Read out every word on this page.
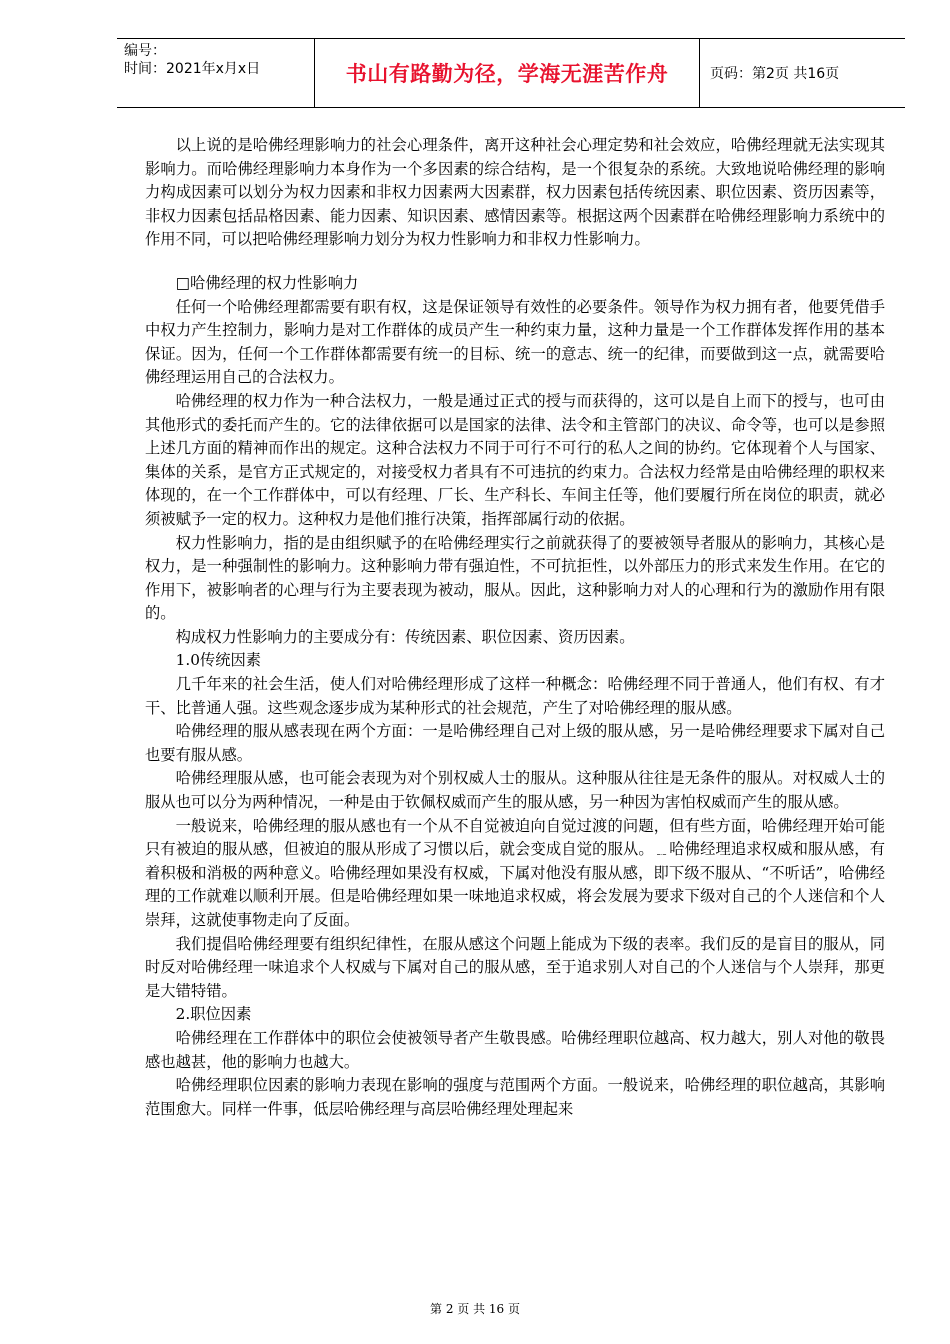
编号：
时间：2021年x月x日	书山有路勤为径，学海无涯苦作舟	页码：第2页 共16页

以上说的是哈佛经理影响力的社会心理条件，离开这种社会心理定势和社会效应，哈佛经理就无法实现其影响力。而哈佛经理影响力本身作为一个多因素的综合结构，是一个很复杂的系统。大致地说哈佛经理的影响力构成因素可以划分为权力因素和非权力因素两大因素群，权力因素包括传统因素、职位因素、资历因素等，非权力因素包括品格因素、能力因素、知识因素、感情因素等。根据这两个因素群在哈佛经理影响力系统中的作用不同，可以把哈佛经理影响力划分为权力性影响力和非权力性影响力。

□哈佛经理的权力性影响力

任何一个哈佛经理都需要有职有权，这是保证领导有效性的必要条件。领导作为权力拥有者，他要凭借手中权力产生控制力，影响力是对工作群体的成员产生一种约束力量，这种力量是一个工作群体发挥作用的基本保证。因为，任何一个工作群体都需要有统一的目标、统一的意志、统一的纪律，而要做到这一点，就需要哈佛经理运用自己的合法权力。

哈佛经理的权力作为一种合法权力，一般是通过正式的授与而获得的，这可以是自上而下的授与，也可由其他形式的委托而产生的。它的法律依据可以是国家的法律、法令和主管部门的决议、命令等，也可以是参照上述几方面的精神而作出的规定。这种合法权力不同于可行不可行的私人之间的协约。它体现着个人与国家、集体的关系，是官方正式规定的，对接受权力者具有不可违抗的约束力。合法权力经常是由哈佛经理的职权来体现的，在一个工作群体中，可以有经理、厂长、生产科长、车间主任等，他们要履行所在岗位的职责，就必须被赋予一定的权力。这种权力是他们推行决策，指挥部属行动的依据。

权力性影响力，指的是由组织赋予的在哈佛经理实行之前就获得了的要被领导者服从的影响力，其核心是权力，是一种强制性的影响力。这种影响力带有强迫性，不可抗拒性，以外部压力的形式来发生作用。在它的作用下，被影响者的心理与行为主要表现为被动，服从。因此，这种影响力对人的心理和行为的激励作用有限的。

构成权力性影响力的主要成分有：传统因素、职位因素、资历因素。

1.0传统因素

几千年来的社会生活，使人们对哈佛经理形成了这样一种概念：哈佛经理不同于普通人，他们有权、有才干、比普通人强。这些观念逐步成为某种形式的社会规范，产生了对哈佛经理的服从感。

哈佛经理的服从感表现在两个方面：一是哈佛经理自己对上级的服从感，另一是哈佛经理要求下属对自己也要有服从感。

哈佛经理服从感，也可能会表现为对个别权威人士的服从。这种服从往往是无条件的服从。对权威人士的服从也可以分为两种情况，一种是由于钦佩权威而产生的服从感，另一种因为害怕权威而产生的服从感。

一般说来，哈佛经理的服从感也有一个从不自觉被迫向自觉过渡的问题，但有些方面，哈佛经理开始可能只有被迫的服从感，但被迫的服从形成了习惯以后，就会变成自觉的服从。﹎哈佛经理追求权威和服从感，有着积极和消极的两种意义。哈佛经理如果没有权威，下属对他没有服从感，即下级不服从、“不听话”，哈佛经理的工作就难以顺利开展。但是哈佛经理如果一味地追求权威，将会发展为要求下级对自己的个人迷信和个人崇拜，这就使事物走向了反面。

我们提倡哈佛经理要有组织纪律性，在服从感这个问题上能成为下级的表率。我们反的是盲目的服从，同时反对哈佛经理一味追求个人权威与下属对自己的服从感，至于追求别人对自己的个人迷信与个人崇拜，那更是大错特错。

2.职位因素

哈佛经理在工作群体中的职位会使被领导者产生敬畏感。哈佛经理职位越高、权力越大，别人对他的敬畏感也越甚，他的影响力也越大。

哈佛经理职位因素的影响力表现在影响的强度与范围两个方面。一般说来，哈佛经理的职位越高，其影响范围愈大。同样一件事，低层哈佛经理与高层哈佛经理处理起来

第 2 页 共 16 页
